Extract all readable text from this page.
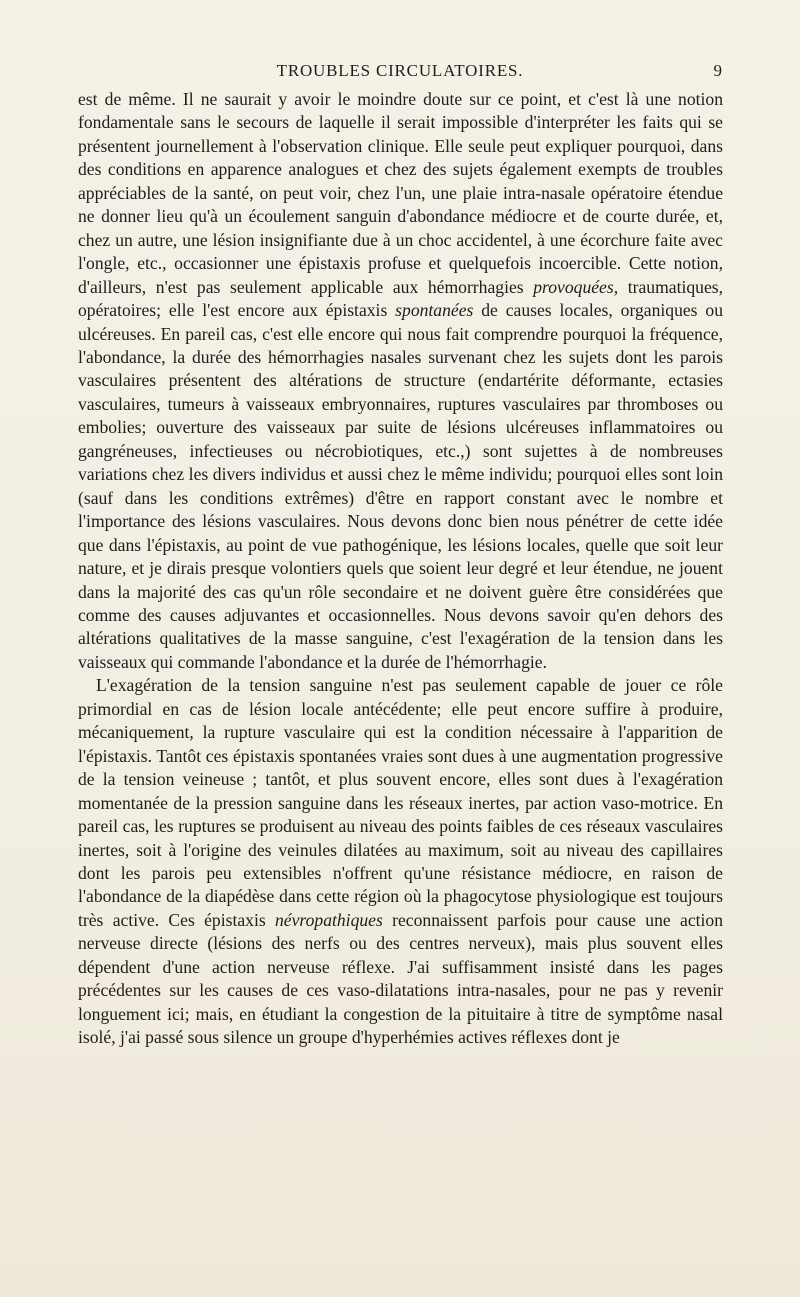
TROUBLES CIRCULATOIRES.	9

est de même. Il ne saurait y avoir le moindre doute sur ce point, et c'est là une notion fondamentale sans le secours de laquelle il serait impossible d'interpréter les faits qui se présentent journellement à l'observation clinique. Elle seule peut expliquer pourquoi, dans des conditions en apparence analogues et chez des sujets également exempts de troubles appréciables de la santé, on peut voir, chez l'un, une plaie intra-nasale opératoire étendue ne donner lieu qu'à un écoulement sanguin d'abondance médiocre et de courte durée, et, chez un autre, une lésion insignifiante due à un choc accidentel, à une écorchure faite avec l'ongle, etc., occasionner une épistaxis profuse et quelquefois incoercible. Cette notion, d'ailleurs, n'est pas seulement applicable aux hémorrhagies provoquées, traumatiques, opératoires; elle l'est encore aux épistaxis spontanées de causes locales, organiques ou ulcéreuses. En pareil cas, c'est elle encore qui nous fait comprendre pourquoi la fréquence, l'abondance, la durée des hémorrhagies nasales survenant chez les sujets dont les parois vasculaires présentent des altérations de structure (endartérite déformante, ectasies vasculaires, tumeurs à vaisseaux embryonnaires, ruptures vasculaires par thromboses ou embolies; ouverture des vaisseaux par suite de lésions ulcéreuses inflammatoires ou gangréneuses, infectieuses ou nécrobiotiques, etc.,) sont sujettes à de nombreuses variations chez les divers individus et aussi chez le même individu; pourquoi elles sont loin (sauf dans les conditions extrêmes) d'être en rapport constant avec le nombre et l'importance des lésions vasculaires. Nous devons donc bien nous pénétrer de cette idée que dans l'épistaxis, au point de vue pathogénique, les lésions locales, quelle que soit leur nature, et je dirais presque volontiers quels que soient leur degré et leur étendue, ne jouent dans la majorité des cas qu'un rôle secondaire et ne doivent guère être considérées que comme des causes adjuvantes et occasionnelles. Nous devons savoir qu'en dehors des altérations qualitatives de la masse sanguine, c'est l'exagération de la tension dans les vaisseaux qui commande l'abondance et la durée de l'hémorrhagie.

L'exagération de la tension sanguine n'est pas seulement capable de jouer ce rôle primordial en cas de lésion locale antécédente; elle peut encore suffire à produire, mécaniquement, la rupture vasculaire qui est la condition nécessaire à l'apparition de l'épistaxis. Tantôt ces épistaxis spontanées vraies sont dues à une augmentation progressive de la tension veineuse ; tantôt, et plus souvent encore, elles sont dues à l'exagération momentanée de la pression sanguine dans les réseaux inertes, par action vaso-motrice. En pareil cas, les ruptures se produisent au niveau des points faibles de ces réseaux vasculaires inertes, soit à l'origine des veinules dilatées au maximum, soit au niveau des capillaires dont les parois peu extensibles n'offrent qu'une résistance médiocre, en raison de l'abondance de la diapédèse dans cette région où la phagocytose physiologique est toujours très active. Ces épistaxis névropathiques reconnaissent parfois pour cause une action nerveuse directe (lésions des nerfs ou des centres nerveux), mais plus souvent elles dépendent d'une action nerveuse réflexe. J'ai suffisamment insisté dans les pages précédentes sur les causes de ces vaso-dilatations intra-nasales, pour ne pas y revenir longuement ici; mais, en étudiant la congestion de la pituitaire à titre de symptôme nasal isolé, j'ai passé sous silence un groupe d'hyperhémies actives réflexes dont je
